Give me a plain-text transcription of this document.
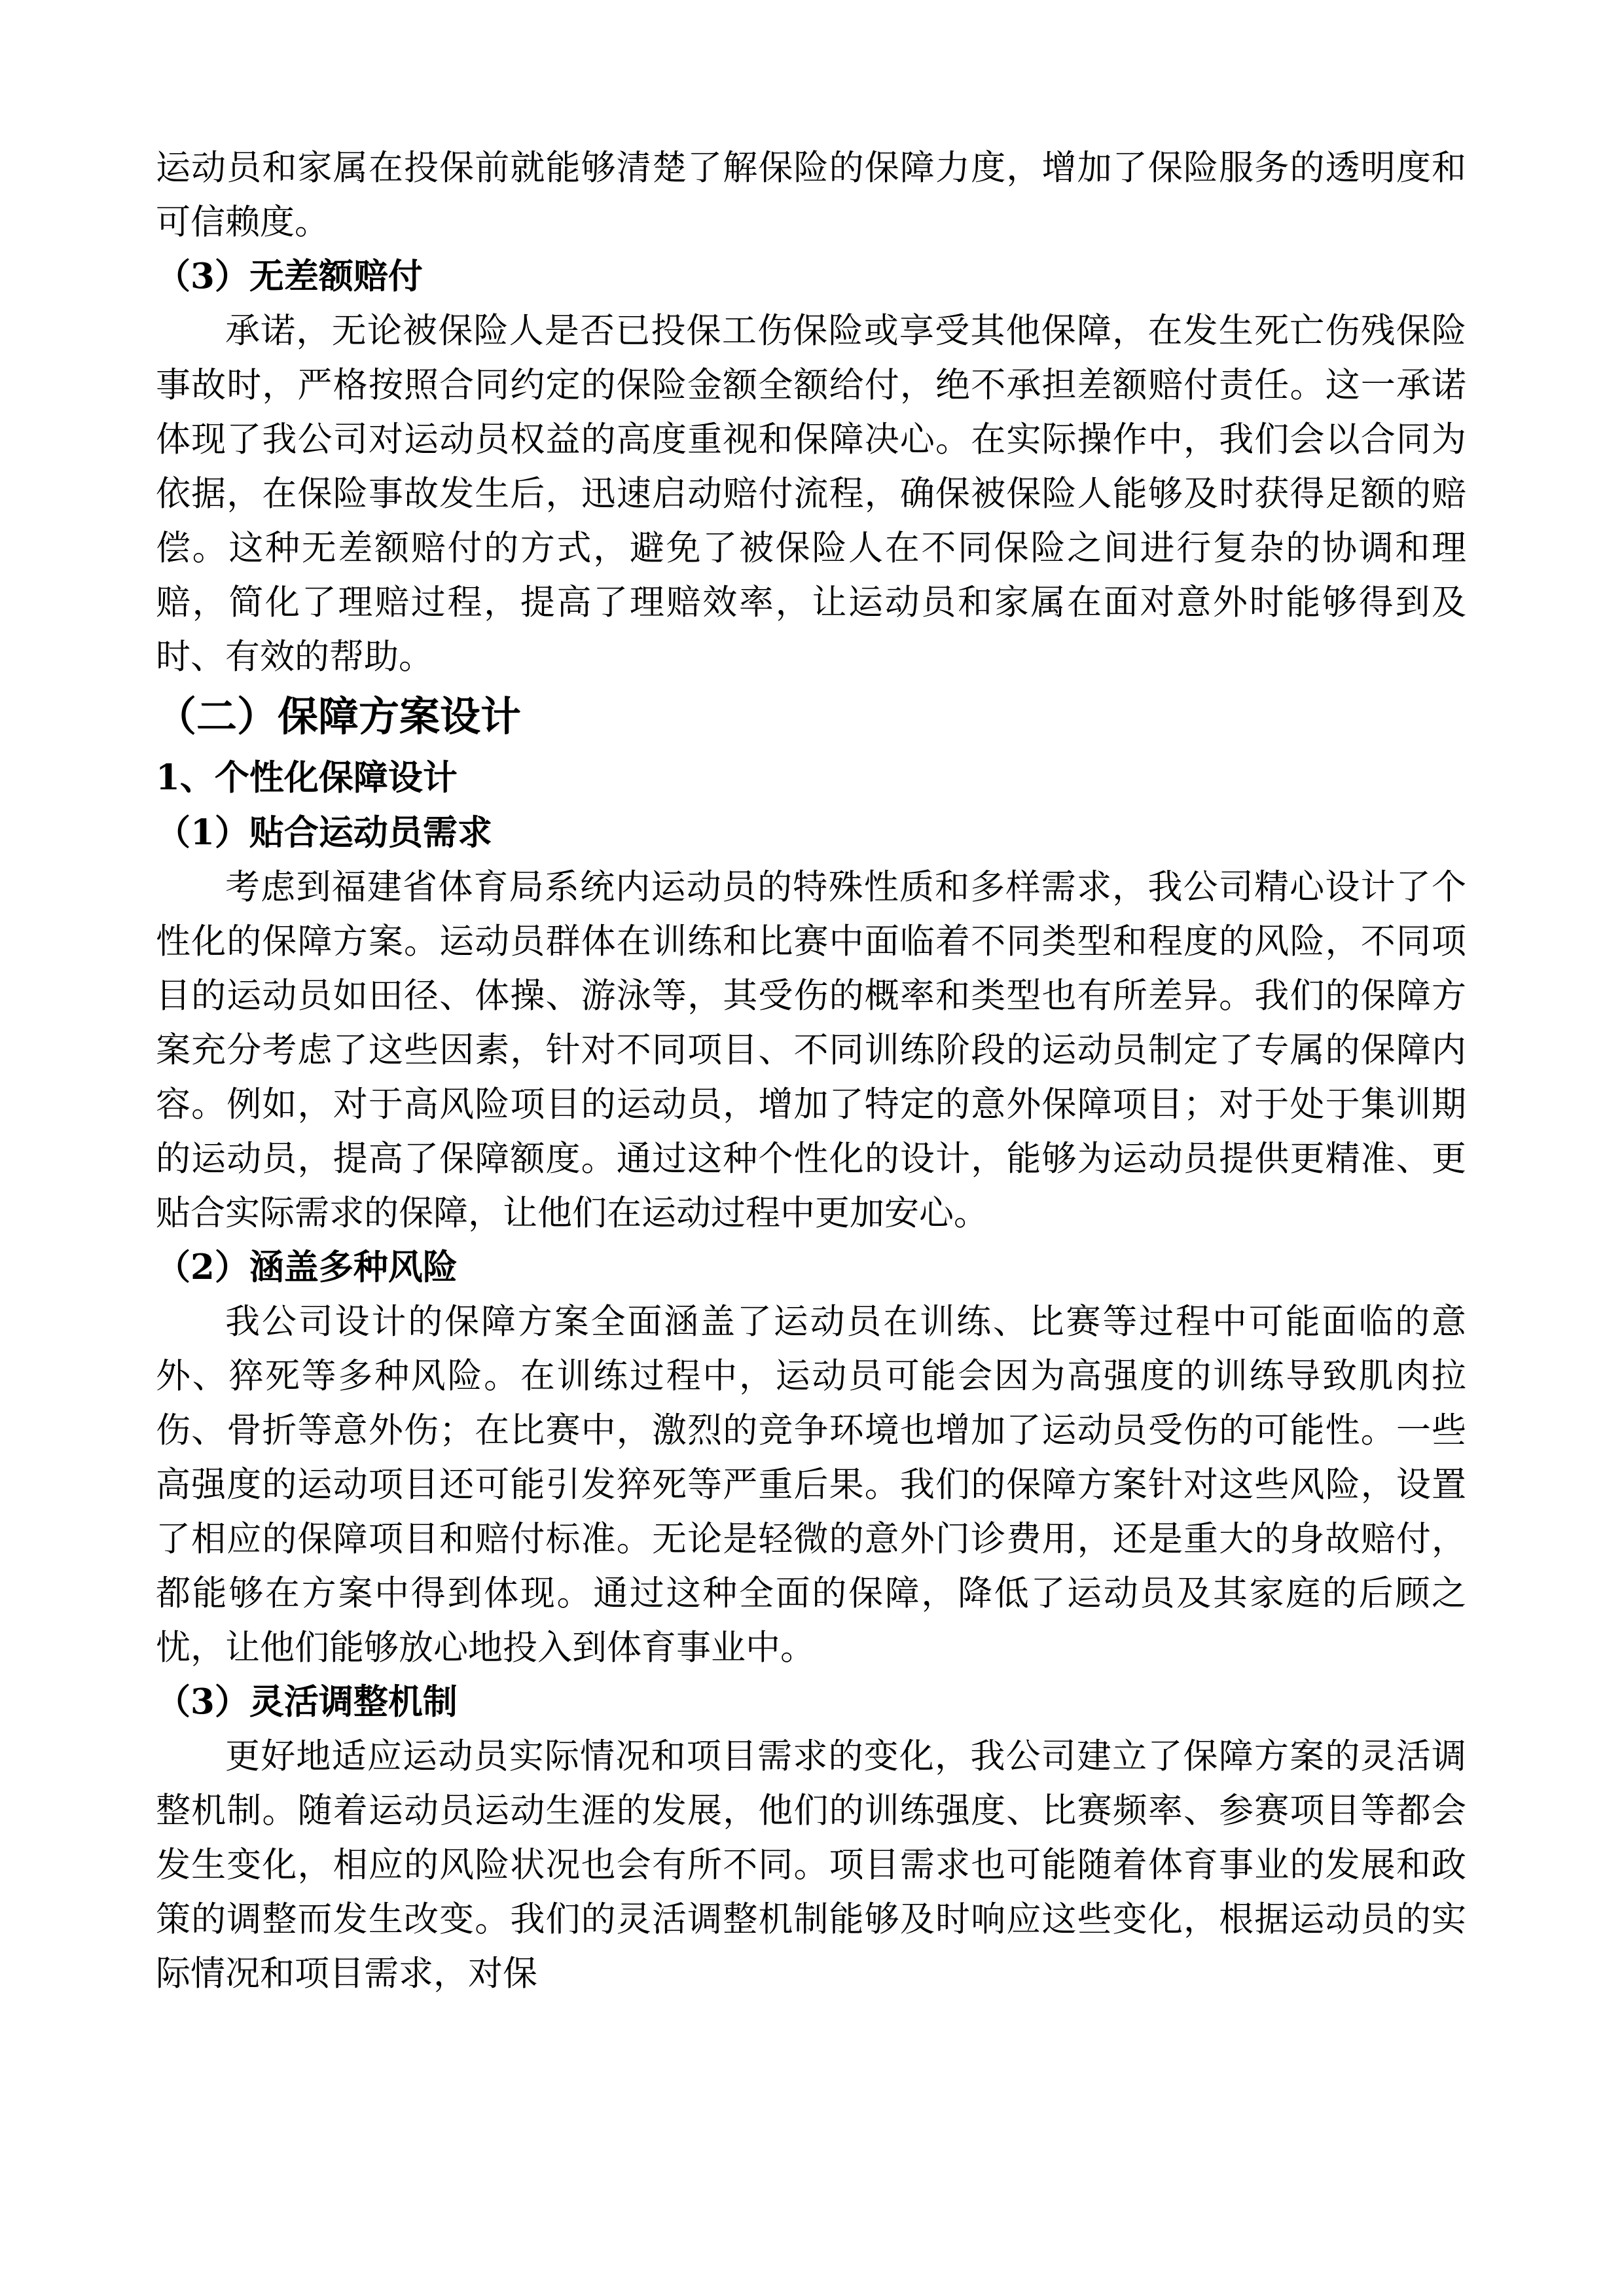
运动员和家属在投保前就能够清楚了解保险的保障力度，增加了保险服务的透明度和可信赖度。

（3）无差额赔付

承诺，无论被保险人是否已投保工伤保险或享受其他保障，在发生死亡伤残保险事故时，严格按照合同约定的保险金额全额给付，绝不承担差额赔付责任。这一承诺体现了我公司对运动员权益的高度重视和保障决心。在实际操作中，我们会以合同为依据，在保险事故发生后，迅速启动赔付流程，确保被保险人能够及时获得足额的赔偿。这种无差额赔付的方式，避免了被保险人在不同保险之间进行复杂的协调和理赔，简化了理赔过程，提高了理赔效率，让运动员和家属在面对意外时能够得到及时、有效的帮助。

（二）保障方案设计
1、个性化保障设计
（1）贴合运动员需求

考虑到福建省体育局系统内运动员的特殊性质和多样需求，我公司精心设计了个性化的保障方案。运动员群体在训练和比赛中面临着不同类型和程度的风险，不同项目的运动员如田径、体操、游泳等，其受伤的概率和类型也有所差异。我们的保障方案充分考虑了这些因素，针对不同项目、不同训练阶段的运动员制定了专属的保障内容。例如，对于高风险项目的运动员，增加了特定的意外保障项目；对于处于集训期的运动员，提高了保障额度。通过这种个性化的设计，能够为运动员提供更精准、更贴合实际需求的保障，让他们在运动过程中更加安心。

（2）涵盖多种风险

我公司设计的保障方案全面涵盖了运动员在训练、比赛等过程中可能面临的意外、猝死等多种风险。在训练过程中，运动员可能会因为高强度的训练导致肌肉拉伤、骨折等意外伤；在比赛中，激烈的竞争环境也增加了运动员受伤的可能性。一些高强度的运动项目还可能引发猝死等严重后果。我们的保障方案针对这些风险，设置了相应的保障项目和赔付标准。无论是轻微的意外门诊费用，还是重大的身故赔付，都能够在方案中得到体现。通过这种全面的保障，降低了运动员及其家庭的后顾之忧，让他们能够放心地投入到体育事业中。

（3）灵活调整机制

更好地适应运动员实际情况和项目需求的变化，我公司建立了保障方案的灵活调整机制。随着运动员运动生涯的发展，他们的训练强度、比赛频率、参赛项目等都会发生变化，相应的风险状况也会有所不同。项目需求也可能随着体育事业的发展和政策的调整而发生改变。我们的灵活调整机制能够及时响应这些变化，根据运动员的实际情况和项目需求，对保
